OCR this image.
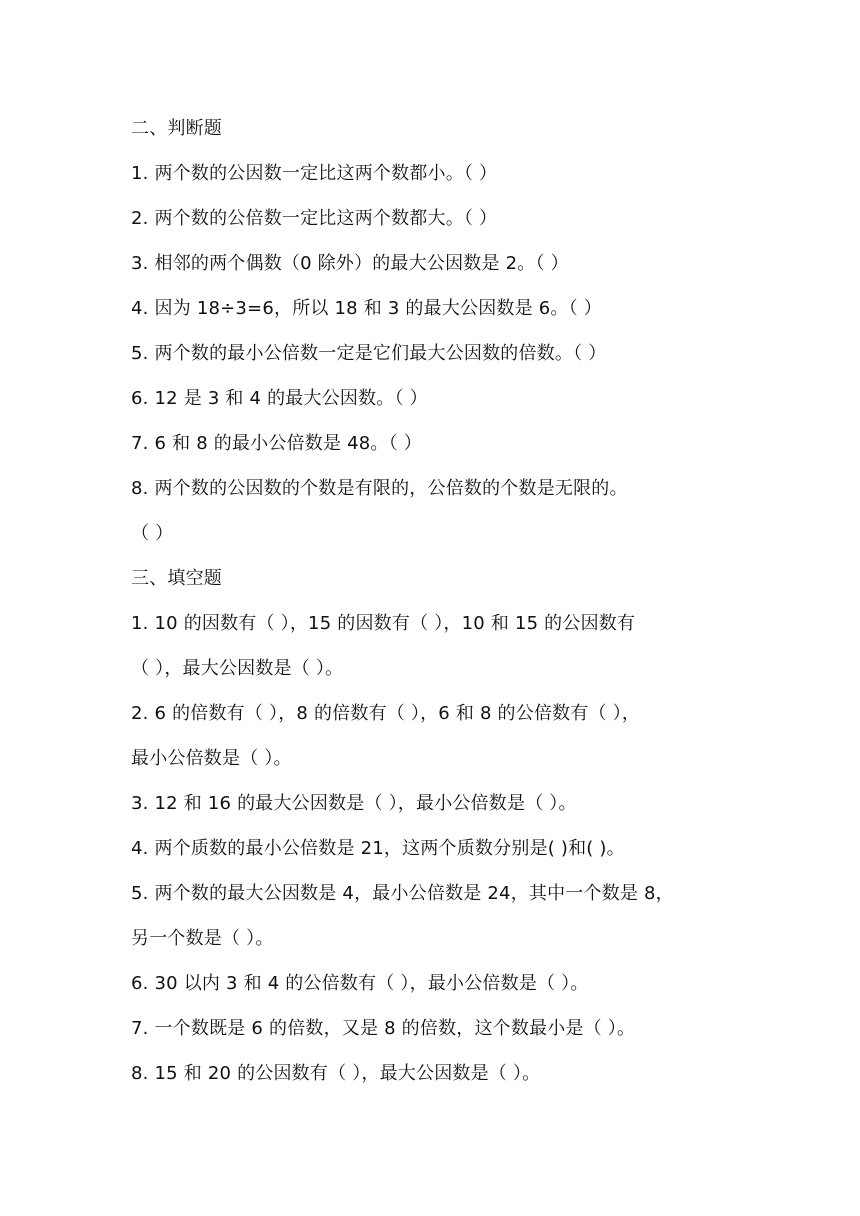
二、判断题
1. 两个数的公因数一定比这两个数都小。（ ）
2. 两个数的公倍数一定比这两个数都大。（ ）
3. 相邻的两个偶数（0 除外）的最大公因数是 2。（ ）
4. 因为 18÷3=6，所以 18 和 3 的最大公因数是 6。（ ）
5. 两个数的最小公倍数一定是它们最大公因数的倍数。（ ）
6. 12 是 3 和 4 的最大公因数。（ ）
7. 6 和 8 的最小公倍数是 48。（ ）
8. 两个数的公因数的个数是有限的，公倍数的个数是无限的。
（ ）
三、填空题
1. 10 的因数有（ ），15 的因数有（ ），10 和 15 的公因数有
（ ），最大公因数是（ ）。
2. 6 的倍数有（ ），8 的倍数有（ ），6 和 8 的公倍数有（ ），
最小公倍数是（ ）。
3. 12 和 16 的最大公因数是（ ），最小公倍数是（ ）。
4. 两个质数的最小公倍数是 21，这两个质数分别是( )和( )。
5. 两个数的最大公因数是 4，最小公倍数是 24，其中一个数是 8，
另一个数是（ ）。
6. 30 以内 3 和 4 的公倍数有（ ），最小公倍数是（ ）。
7. 一个数既是 6 的倍数，又是 8 的倍数，这个数最小是（ ）。
8. 15 和 20 的公因数有（ ），最大公因数是（ ）。
